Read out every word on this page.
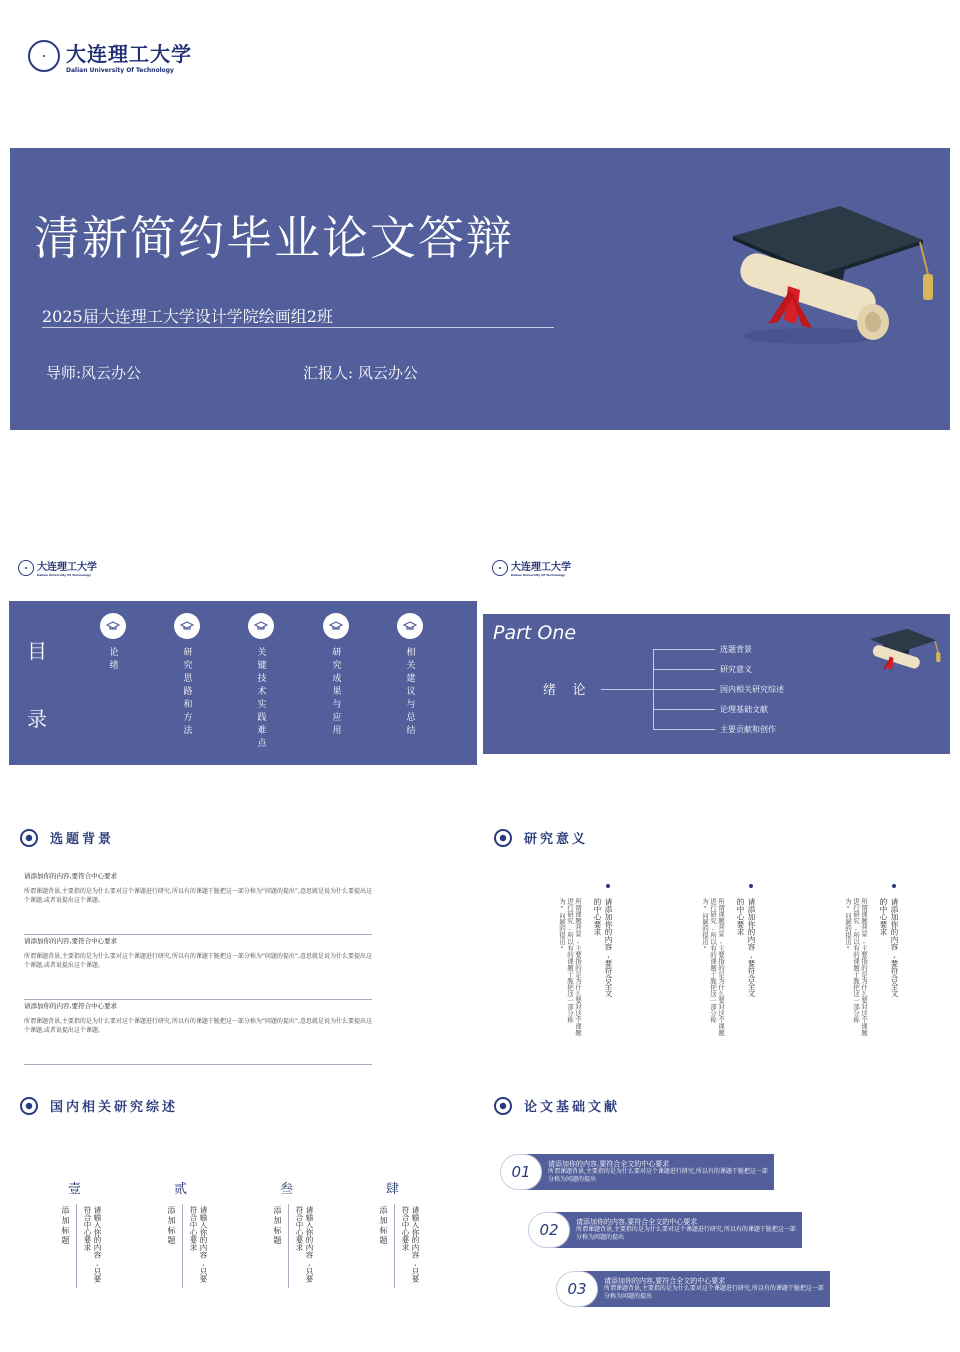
大连理工大学
Dalian University Of Technology
清新简约毕业论文答辩
2025届大连理工大学设计学院绘画组2班
导师:风云办公	汇报人: 风云办公
大连理工大学
Dalian University Of Technology
目
录
论绪	研究思路和方法	关键技术实践难点	研究成果与应用	相关建议与总结
大连理工大学
Dalian University Of Technology
Part One
绪    论
选题背景
研究意义
国内相关研究综述
论理基础文献
主要贡献和创作
选题背景
请添加你的内容,要符合中心要求
所谓课题背景,主要指的是为什么要对这个课题进行研究,所以有的课题干脆把这一部分称为“问题的提出”,意思就是说为什么要提出这个课题,或者说提出这个课题。
请添加你的内容,要符合中心要求
所谓课题背景,主要指的是为什么要对这个课题进行研究,所以有的课题干脆把这一部分称为“问题的提出”,意思就是说为什么要提出这个课题,或者说提出这个课题。
请添加你的内容,要符合中心要求
所谓课题背景,主要指的是为什么要对这个课题进行研究,所以有的课题干脆把这一部分称为“问题的提出”,意思就是说为什么要提出这个课题,或者说提出这个课题。
研究意义
请添加你的内容,要符合全文
的中心要求
所谓课题背景,主要指的是为什么要对这个课题进行研究,所以有的课题干脆把这一部分称为“问题的提出”	请添加你的内容,要符合全文
的中心要求
所谓课题背景,主要指的是为什么要对这个课题进行研究,所以有的课题干脆把这一部分称为“问题的提出”	请添加你的内容,要符合全文
的中心要求
所谓课题背景,主要指的是为什么要对这个课题进行研究,所以有的课题干脆把这一部分称为“问题的提出”
国内相关研究综述
壹
添加标题	请输入你的内容,只要符合中心要求
贰
添加标题	请输入你的内容,只要符合中心要求
叁
添加标题	请输入你的内容,只要符合中心要求
肆
添加标题	请输入你的内容,只要符合中心要求
论文基础文献
01 请添加你的内容,要符合全文的中心要求
所谓课题背景,主要指的是为什么要对这个课题进行研究,所以有的课题干脆把这一部分称为问题的提出
02 请添加你的内容,要符合全文的中心要求
所谓课题背景,主要指的是为什么要对这个课题进行研究,所以有的课题干脆把这一部分称为问题的提出
03 请添加你的内容,要符合全文的中心要求
所谓课题背景,主要指的是为什么要对这个课题进行研究,所以有的课题干脆把这一部分称为问题的提出
